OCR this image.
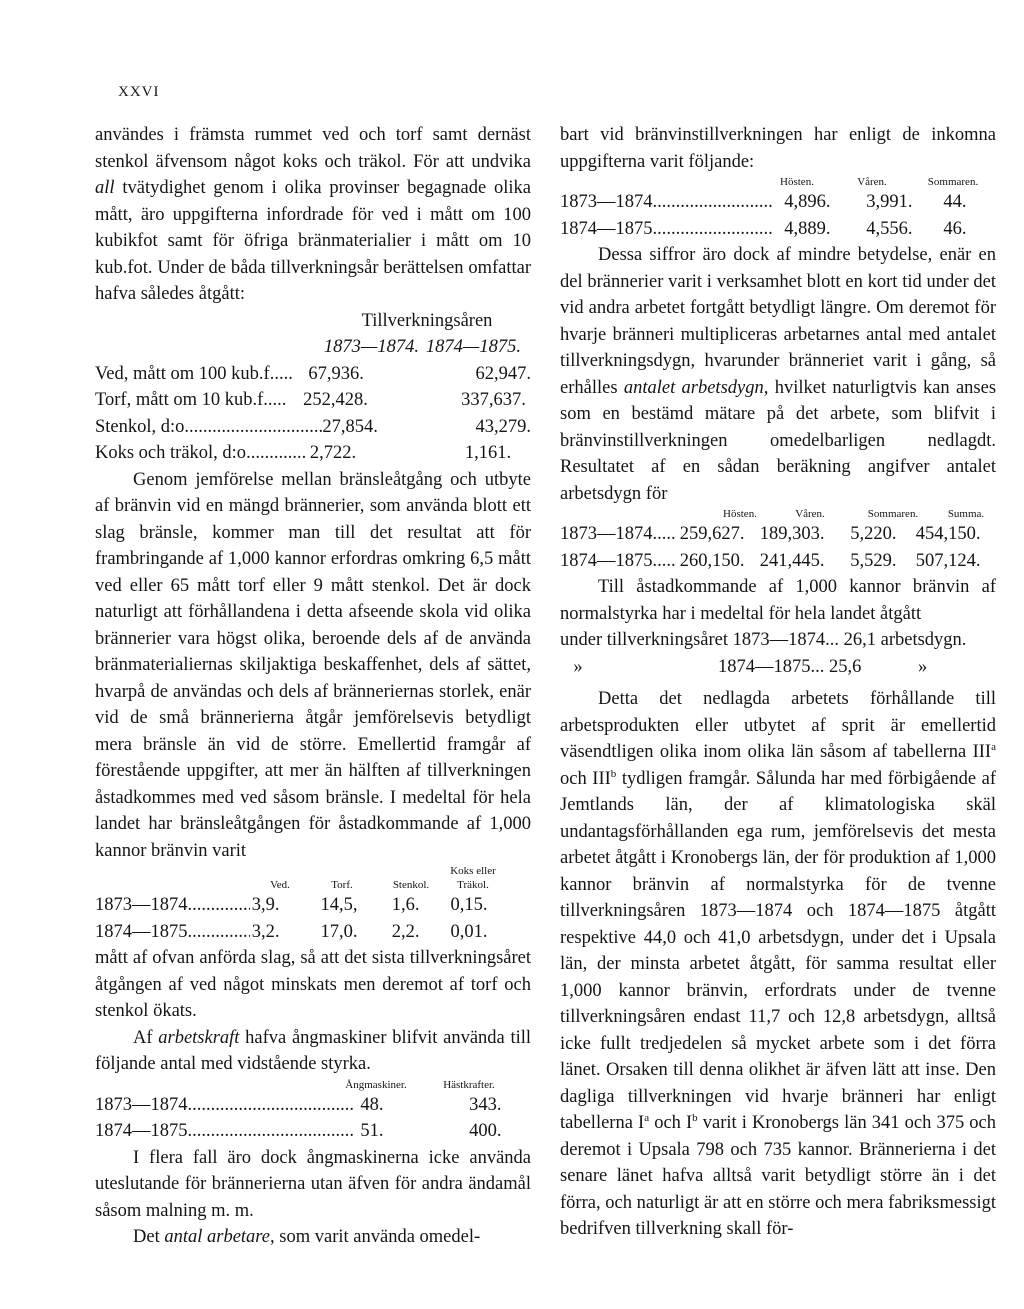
XXVI

användes i främsta rummet ved och torf samt dernäst stenkol äfvensom något koks och träkol. För att undvika all tvätydighet genom i olika provinser begagnade olika mått, äro uppgifterna infordrade för ved i mått om 100 kubikfot samt för öfriga bränmaterialier i mått om 10 kub.fot. Under de båda tillverkningsår berättelsen omfattar hafva således åtgått:

Tillverkningsåren
1873—1874. 1874—1875.
Ved, mått om 100 kub.f. .....	67,936.	62,947.
Torf, mått om 10 kub.f. .....	252,428.	337,637.
Stenkol, d:o .....	27,854.	43,279.
Koks och träkol, d:o .....	2,722.	1,161.

Genom jemförelse mellan bränsleåtgång och utbyte af bränvin vid en mängd brännerier, som använda blott ett slag bränsle, kommer man till det resultat att för frambringande af 1,000 kannor erfordras omkring 6,5 mått ved eller 65 mått torf eller 9 mått stenkol. Det är dock naturligt att förhållandena i detta afseende skola vid olika brännerier vara högst olika, beroende dels af de använda bränmaterialiernas skiljaktiga beskaffenhet, dels af sättet, hvarpå de användas och dels af bränneriernas storlek, enär vid de små brännerierna åtgår jemförelsevis betydligt mera bränsle än vid de större. Emellertid framgår af förestående uppgifter, att mer än hälften af tillverkningen åstadkommes med ved såsom bränsle. I medeltal för hela landet har bränsleåtgången för åstadkommande af 1,000 kannor bränvin varit

Ved.	Torf.	Stenkol.
Koks eller Träkol.
1873—1874 .....	3,9.	14,5,	1,6.	0,15.
1874—1875 .....	3,2.	17,0.	2,2.	0,01.

mått af ofvan anförda slag, så att det sista tillverkningsåret åtgången af ved något minskats men deremot af torf och stenkol ökats.

Af arbetskraft hafva ångmaskiner blifvit använda till följande antal med vidstående styrka.

Ångmaskiner.	Hästkrafter.
1873—1874 .....	48.	343.
1874—1875 .....	51.	400.

I flera fall äro dock ångmaskinerna icke använda uteslutande för brännerierna utan äfven för andra ändamål såsom malning m. m.

Det antal arbetare, som varit använda omedel-

bart vid bränvinstillverkningen har enligt de inkomna uppgifterna varit följande:

Hösten.	Våren.	Sommaren.
1873—1874 .....	4,896.	3,991.	44.
1874—1875 .....	4,889.	4,556.	46.

Dessa siffror äro dock af mindre betydelse, enär en del brännerier varit i verksamhet blott en kort tid under det vid andra arbetet fortgått betydligt längre. Om deremot för hvarje bränneri multipliceras arbetarnes antal med antalet tillverkningsdygn, hvarunder bränneriet varit i gång, så erhålles antalet arbetsdygn, hvilket naturligtvis kan anses som en bestämd mätare på det arbete, som blifvit i bränvinstillverkningen omedelbarligen nedlagdt. Resultatet af en sådan beräkning angifver antalet arbetsdygn för

Hösten.	Våren.	Sommaren.	Summa.
1873—1874 ..... 259,627. 189,303.	5,220.	454,150.
1874—1875 ..... 260,150. 241,445.	5,529.	507,124.

Till åstadkommande af 1,000 kannor bränvin af normalstyrka har i medeltal för hela landet åtgått

under tillverkningsåret 1873—1874... 26,1 arbetsdygn.
»	1874—1875... 25,6	»

Detta det nedlagda arbetets förhållande till arbetsprodukten eller utbytet af sprit är emellertid väsendtligen olika inom olika län såsom af tabellerna III$^a$ och III$^b$ tydligen framgår. Sålunda har med förbigående af Jemtlands län, der af klimatologiska skäl undantagsförhållanden ega rum, jemförelsevis det mesta arbetet åtgått i Kronobergs län, der för produktion af 1,000 kannor bränvin af normalstyrka för de tvenne tillverkningsåren 1873—1874 och 1874—1875 åtgått respektive 44,0 och 41,0 arbetsdygn, under det i Upsala län, der minsta arbetet åtgått, för samma resultat eller 1,000 kannor bränvin, erfordrats under de tvenne tillverkningsåren endast 11,7 och 12,8 arbetsdygn, alltså icke fullt tredjedelen så mycket arbete som i det förra länet. Orsaken till denna olikhet är äfven lätt att inse. Den dagliga tillverkningen vid hvarje bränneri har enligt tabellerna $I^a$ och $I^b$ varit i Kronobergs län 341 och 375 och deremot i Upsala 798 och 735 kannor. Brännerierna i det senare länet hafva alltså varit betydligt större än i det förra, och naturligt är att en större och mera fabriksmessigt bedrifven tillverkning skall för-
